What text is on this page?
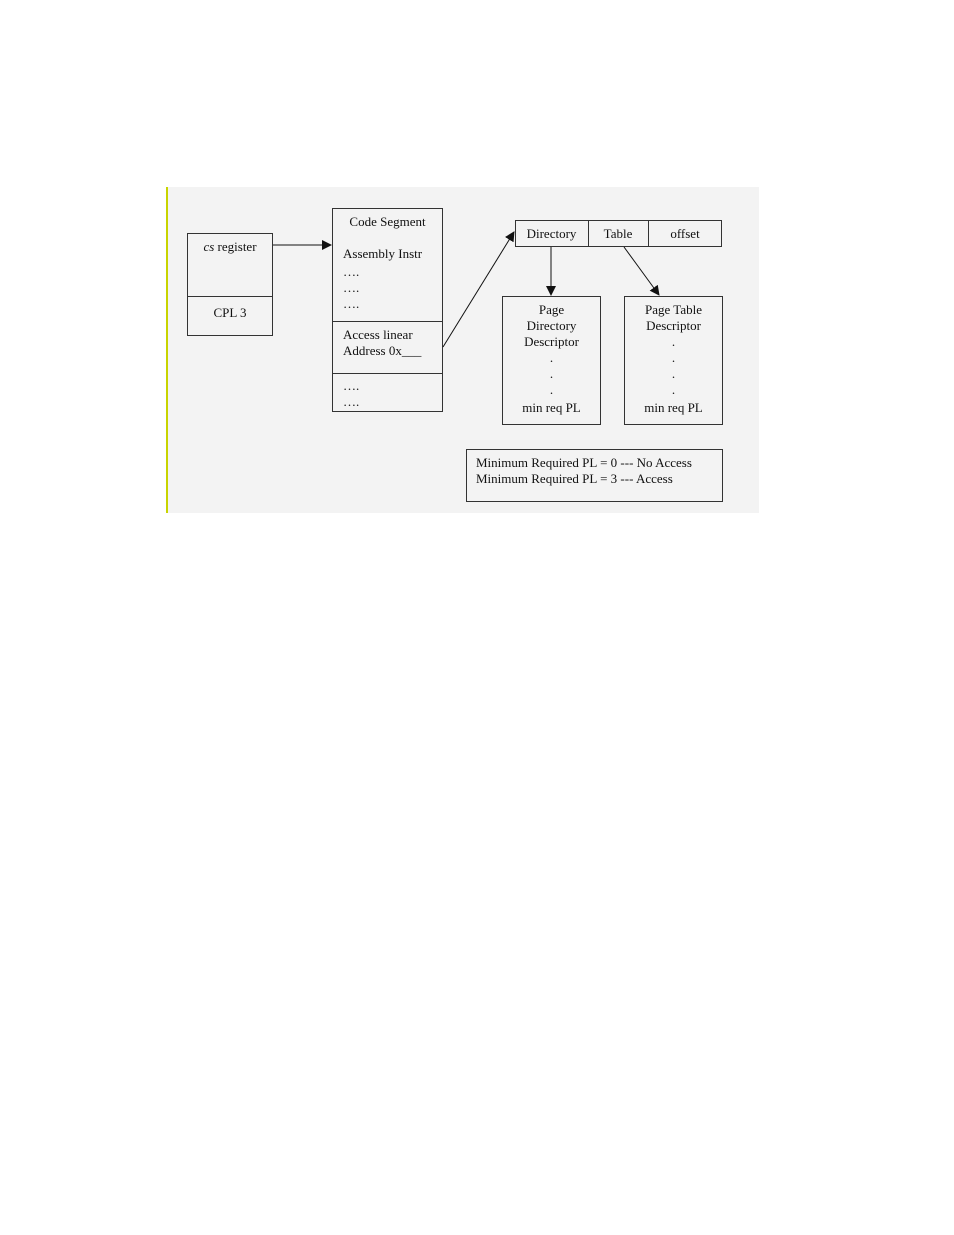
cs register
CPL 3
Code Segment
Assembly Instr
….
….
….
Access linear
Address 0x___
….
….
Directory	Table	offset
Page
Directory
Descriptor
.
.
.
min req PL
Page Table
Descriptor
.
.
.
.
min req PL
Minimum Required PL = 0 --- No Access
Minimum Required PL = 3 --- Access
